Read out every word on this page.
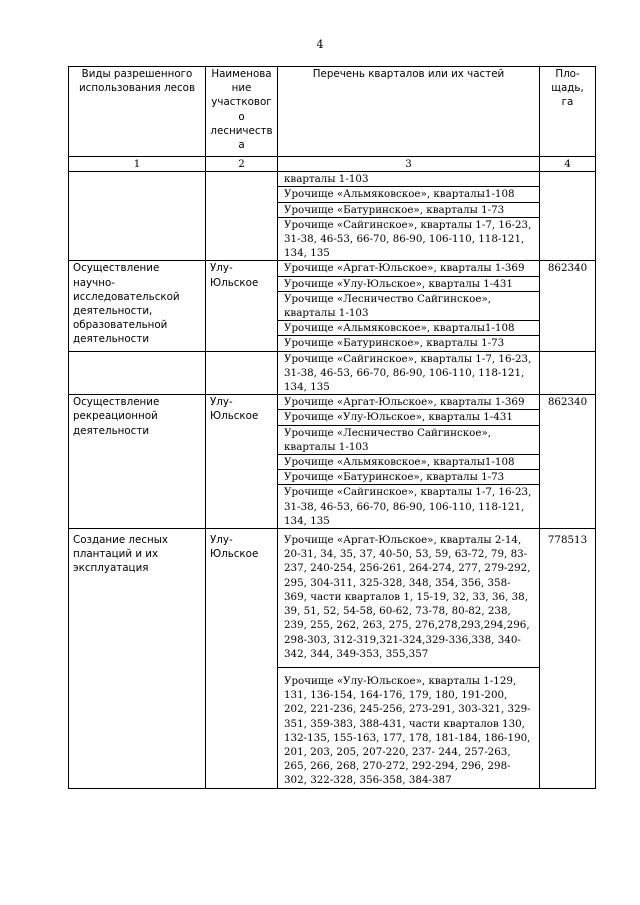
4
Виды разрешенного использования лесов	Наименова ние участковог о лесничеств а	Перечень кварталов или их частей	Пло- щадь, га
1	2	3	4

		кварталы 1-103	

		Урочище «Альмяковское», кварталы1-108	

		Урочище «Батуринское», кварталы 1-73	

		Урочище «Сайгинское», кварталы 1-7, 16-23, 31-38, 46-53, 66-70, 86-90, 106-110, 118-121, 134, 135	

Осуществление научно-исследовательской деятельности, образовательной деятельности	Улу-Юльское	Урочище «Аргат-Юльское», кварталы 1-369	862340

		Урочище «Улу-Юльское», кварталы 1-431	

		Урочище «Лесничество Сайгинское», кварталы 1-103	

		Урочище «Альмяковское», кварталы1-108	

		Урочище «Батуринское», кварталы 1-73	

		Урочище «Сайгинское», кварталы 1-7, 16-23, 31-38, 46-53, 66-70, 86-90, 106-110, 118-121, 134, 135	

Осуществление рекреационной деятельности	Улу-Юльское	Урочище «Аргат-Юльское», кварталы 1-369	862340

		Урочище «Улу-Юльское», кварталы 1-431	

		Урочище «Лесничество Сайгинское», кварталы 1-103	

		Урочище «Альмяковское», кварталы1-108	

		Урочище «Батуринское», кварталы 1-73	

		Урочище «Сайгинское», кварталы 1-7, 16-23, 31-38, 46-53, 66-70, 86-90, 106-110, 118-121, 134, 135	

Создание лесных плантаций и их эксплуатация	Улу-Юльское	Урочище «Аргат-Юльское», кварталы 2-14, 20-31, 34, 35, 37, 40-50, 53, 59, 63-72, 79, 83-237, 240-254, 256-261, 264-274, 277, 279-292, 295, 304-311, 325-328, 348, 354, 356, 358-369, части кварталов 1, 15-19, 32, 33, 36, 38, 39, 51, 52, 54-58, 60-62, 73-78, 80-82, 238, 239, 255, 262, 263, 275, 276,278,293,294,296, 298-303, 312-319,321-324,329-336,338, 340-342, 344, 349-353, 355,357	778513

		Урочище «Улу-Юльское», кварталы 1-129, 131, 136-154, 164-176, 179, 180, 191-200, 202, 221-236, 245-256, 273-291, 303-321, 329-351, 359-383, 388-431, части кварталов 130, 132-135, 155-163, 177, 178, 181-184, 186-190, 201, 203, 205, 207-220, 237- 244, 257-263, 265, 266, 268, 270-272, 292-294, 296, 298-302, 322-328, 356-358, 384-387	
